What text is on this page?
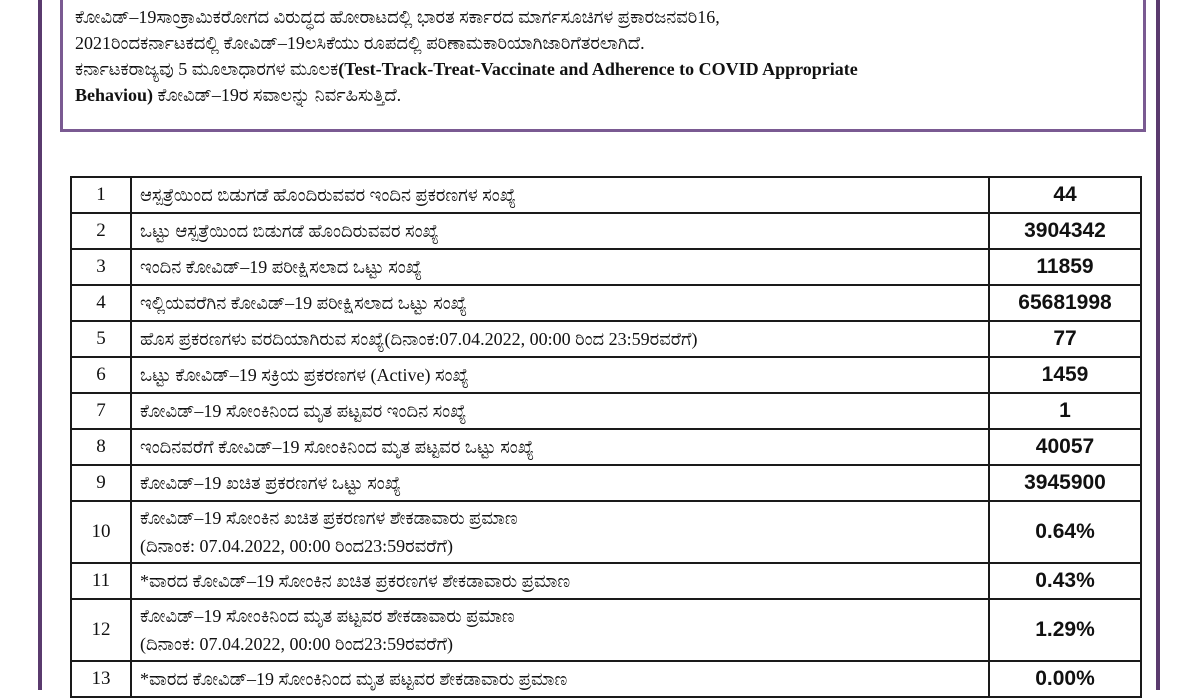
ಕೋವಿಡ್–19ಸಾಂಕ್ರಾಮಿಕರೋಗದ ವಿರುದ್ಧದ ಹೋರಾಟದಲ್ಲಿ ಭಾರತ ಸರ್ಕಾರದ ಮಾರ್ಗಸೂಚಿಗಳ ಪ್ರಕಾರಜನವರಿ16,
2021ರಿಂದಕರ್ನಾಟಕದಲ್ಲಿ ಕೋವಿಡ್–19ಲಸಿಕೆಯು ರೂಪದಲ್ಲಿ ಪರಿಣಾಮಕಾರಿಯಾಗಿಜಾರಿಗೆತರಲಾಗಿದೆ.

ಕರ್ನಾಟಕರಾಜ್ಯವು 5 ಮೂಲಾಧಾರಗಳ ಮೂಲಕ(Test-Track-Treat-Vaccinate and Adherence to COVID Appropriate
Behaviou) ಕೋವಿಡ್–19ರ ಸವಾಲನ್ನು ನಿರ್ವಹಿಸುತ್ತಿದೆ.

1	ಆಸ್ಪತ್ರೆಯಿಂದ ಬಿಡುಗಡೆ ಹೊಂದಿರುವವರ ಇಂದಿನ ಪ್ರಕರಣಗಳ ಸಂಖ್ಯೆ	44
2	ಒಟ್ಟು ಆಸ್ಪತ್ರೆಯಿಂದ ಬಿಡುಗಡೆ ಹೊಂದಿರುವವರ ಸಂಖ್ಯೆ	3904342
3	ಇಂದಿನ ಕೋವಿಡ್–19 ಪರೀಕ್ಷಿಸಲಾದ ಒಟ್ಟು ಸಂಖ್ಯೆ	11859
4	ಇಲ್ಲಿಯವರೆಗಿನ ಕೋವಿಡ್–19 ಪರೀಕ್ಷಿಸಲಾದ ಒಟ್ಟು ಸಂಖ್ಯೆ	65681998
5	ಹೊಸ ಪ್ರಕರಣಗಳು ವರದಿಯಾಗಿರುವ ಸಂಖ್ಯೆ(ದಿನಾಂಕ:07.04.2022, 00:00 ರಿಂದ 23:59ರವರೆಗೆ)	77
6	ಒಟ್ಟು ಕೋವಿಡ್–19 ಸಕ್ರಿಯ ಪ್ರಕರಣಗಳ (Active) ಸಂಖ್ಯೆ	1459
7	ಕೋವಿಡ್–19 ಸೋಂಕಿನಿಂದ ಮೃತ ಪಟ್ಟವರ ಇಂದಿನ ಸಂಖ್ಯೆ	1
8	ಇಂದಿನವರೆಗೆ ಕೋವಿಡ್–19 ಸೋಂಕಿನಿಂದ ಮೃತ ಪಟ್ಟವರ ಒಟ್ಟು ಸಂಖ್ಯೆ	40057
9	ಕೋವಿಡ್–19 ಖಚಿತ ಪ್ರಕರಣಗಳ ಒಟ್ಟು ಸಂಖ್ಯೆ	3945900
10	ಕೋವಿಡ್–19 ಸೋಂಕಿನ ಖಚಿತ ಪ್ರಕರಣಗಳ ಶೇಕಡಾವಾರು ಪ್ರಮಾಣ
(ದಿನಾಂಕ: 07.04.2022, 00:00 ರಿಂದ23:59ರವರೆಗೆ)	0.64%
11	*ವಾರದ ಕೋವಿಡ್–19 ಸೋಂಕಿನ ಖಚಿತ ಪ್ರಕರಣಗಳ ಶೇಕಡಾವಾರು ಪ್ರಮಾಣ	0.43%
12	ಕೋವಿಡ್–19 ಸೋಂಕಿನಿಂದ ಮೃತ ಪಟ್ಟವರ ಶೇಕಡಾವಾರು ಪ್ರಮಾಣ
(ದಿನಾಂಕ: 07.04.2022, 00:00 ರಿಂದ23:59ರವರೆಗೆ)	1.29%
13	*ವಾರದ ಕೋವಿಡ್–19 ಸೋಂಕಿನಿಂದ ಮೃತ ಪಟ್ಟವರ ಶೇಕಡಾವಾರು ಪ್ರಮಾಣ	0.00%
